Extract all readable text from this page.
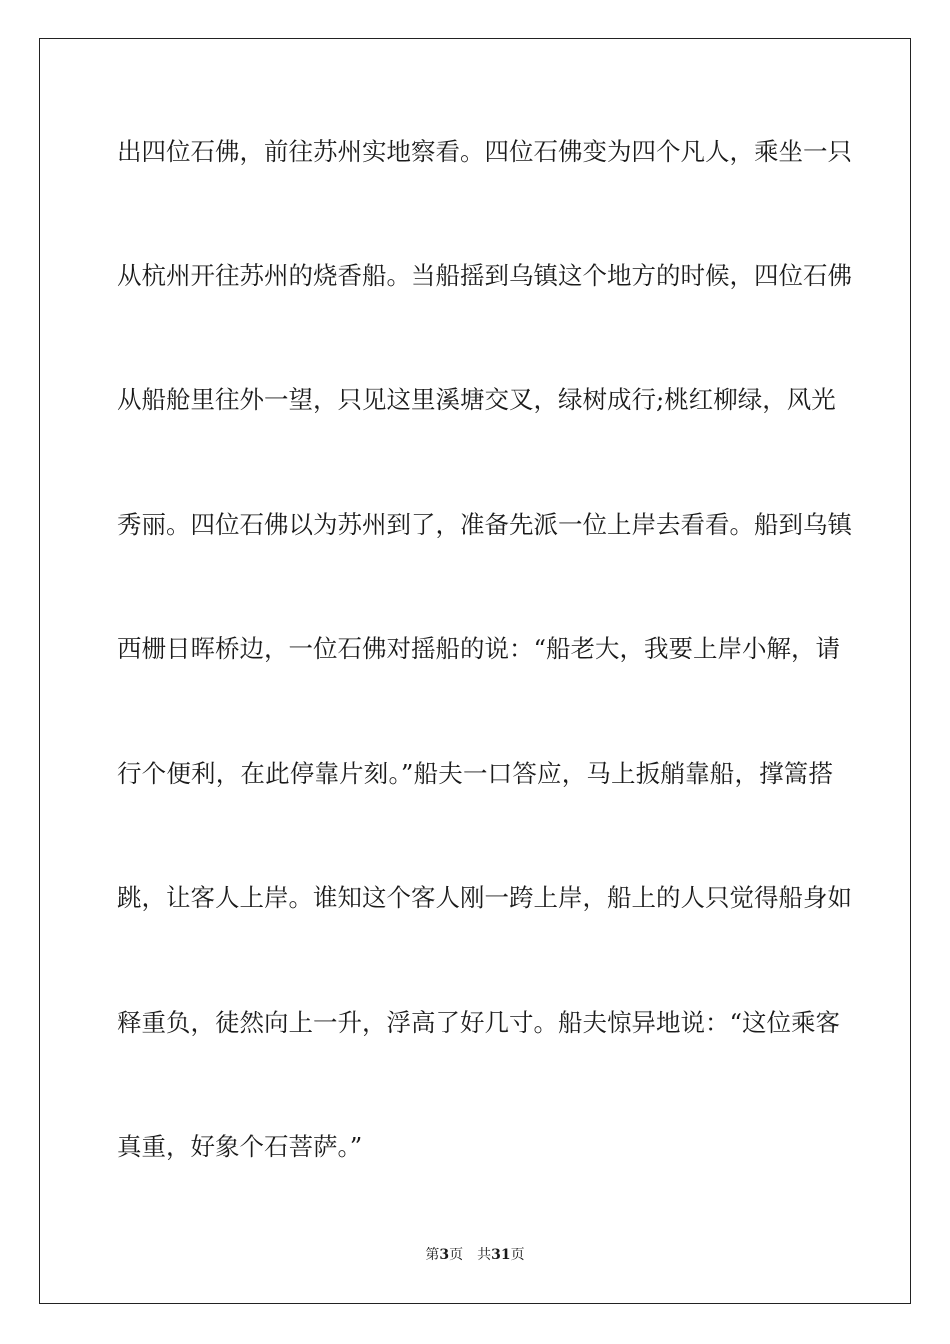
出四位石佛，前往苏州实地察看。四位石佛变为四个凡人，乘坐一只
从杭州开往苏州的烧香船。当船摇到乌镇这个地方的时候，四位石佛
从船舱里往外一望，只见这里溪塘交叉，绿树成行;桃红柳绿，风光
秀丽。四位石佛以为苏州到了，准备先派一位上岸去看看。船到乌镇
西栅日晖桥边，一位石佛对摇船的说：“船老大，我要上岸小解，请
行个便利，在此停靠片刻。”船夫一口答应，马上扳艄靠船，撑篙搭
跳，让客人上岸。谁知这个客人刚一跨上岸，船上的人只觉得船身如
释重负，徒然向上一升，浮高了好几寸。船夫惊异地说：“这位乘客
真重，好象个石菩萨。”
第3页 共31页
